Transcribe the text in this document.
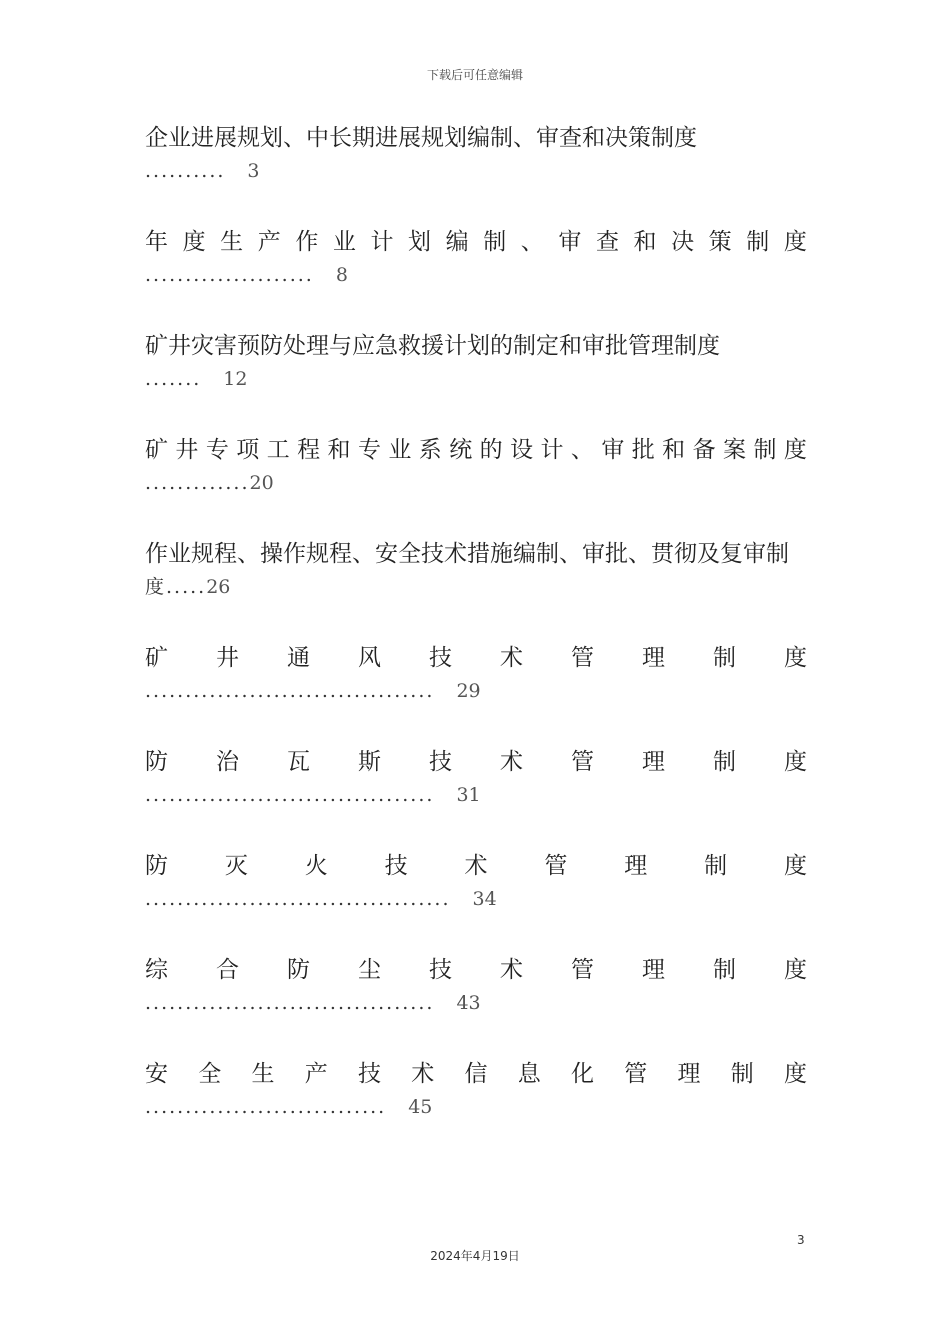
下载后可任意编辑
企业进展规划、中长期进展规划编制、审查和决策制度
.......... 3
年 度 生 产 作 业 计 划 编 制 、 审 查 和 决 策 制 度
..................... 8
矿井灾害预防处理与应急救援计划的制定和审批管理制度
....... 12
矿 井 专 项 工 程 和 专 业 系 统 的 设 计 、 审 批 和 备 案 制 度
.............20
作业规程、操作规程、安全技术措施编制、审批、贯彻及复审制
度.....26
矿 井 通 风 技 术 管 理 制 度
.................................... 29
防 治 瓦 斯 技 术 管 理 制 度
.................................... 31
防 灭 火 技 术 管 理 制 度
...................................... 34
综 合 防 尘 技 术 管 理 制 度
.................................... 43
安 全 生 产 技 术 信 息 化 管 理 制 度
.............................. 45
3
2024年4月19日
